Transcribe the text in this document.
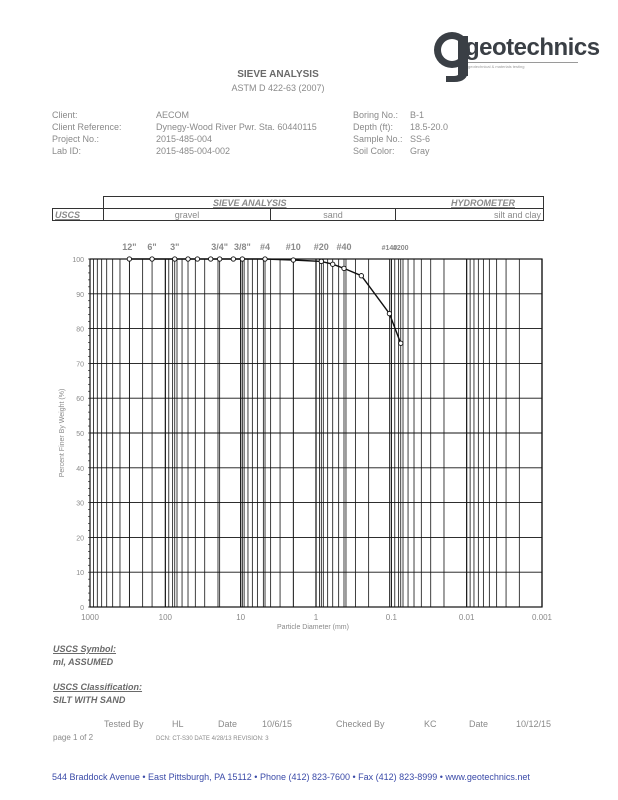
geotechnics
geotechnical & materials testing
SIEVE ANALYSIS
ASTM D 422-63 (2007)
Client:	AECOM
Client Reference:	Dynegy-Wood River Pwr. Sta. 60440115
Project No.:	2015-485-004
Lab ID:	2015-485-004-002
Boring No.: B-1
Depth (ft): 18.5-20.0
Sample No.: SS-6
Soil Color: Gray
	SIEVE ANALYSIS		HYDROMETER
USCS	gravel	sand	silt and clay
12" 6" 3"	3/4" 3/8" #4 #10 #20 #40	#140
#200
1000	100	10	1	0.1	0.01	0.001
0
10
20
30
40
50
60
70
80
90
100
Particle Diameter (mm)
Percent Finer By Weight (%)
USCS Symbol:
ml, ASSUMED
USCS Classification:
SILT WITH SAND
Tested By	HL	Date	10/6/15	Checked By	KC	Date	10/12/15
page 1 of 2	DCN: CT-S30 DATE 4/28/13 REVISION: 3
544 Braddock Avenue • East Pittsburgh, PA 15112 • Phone (412) 823-7600 • Fax (412) 823-8999 • www.geotechnics.net
